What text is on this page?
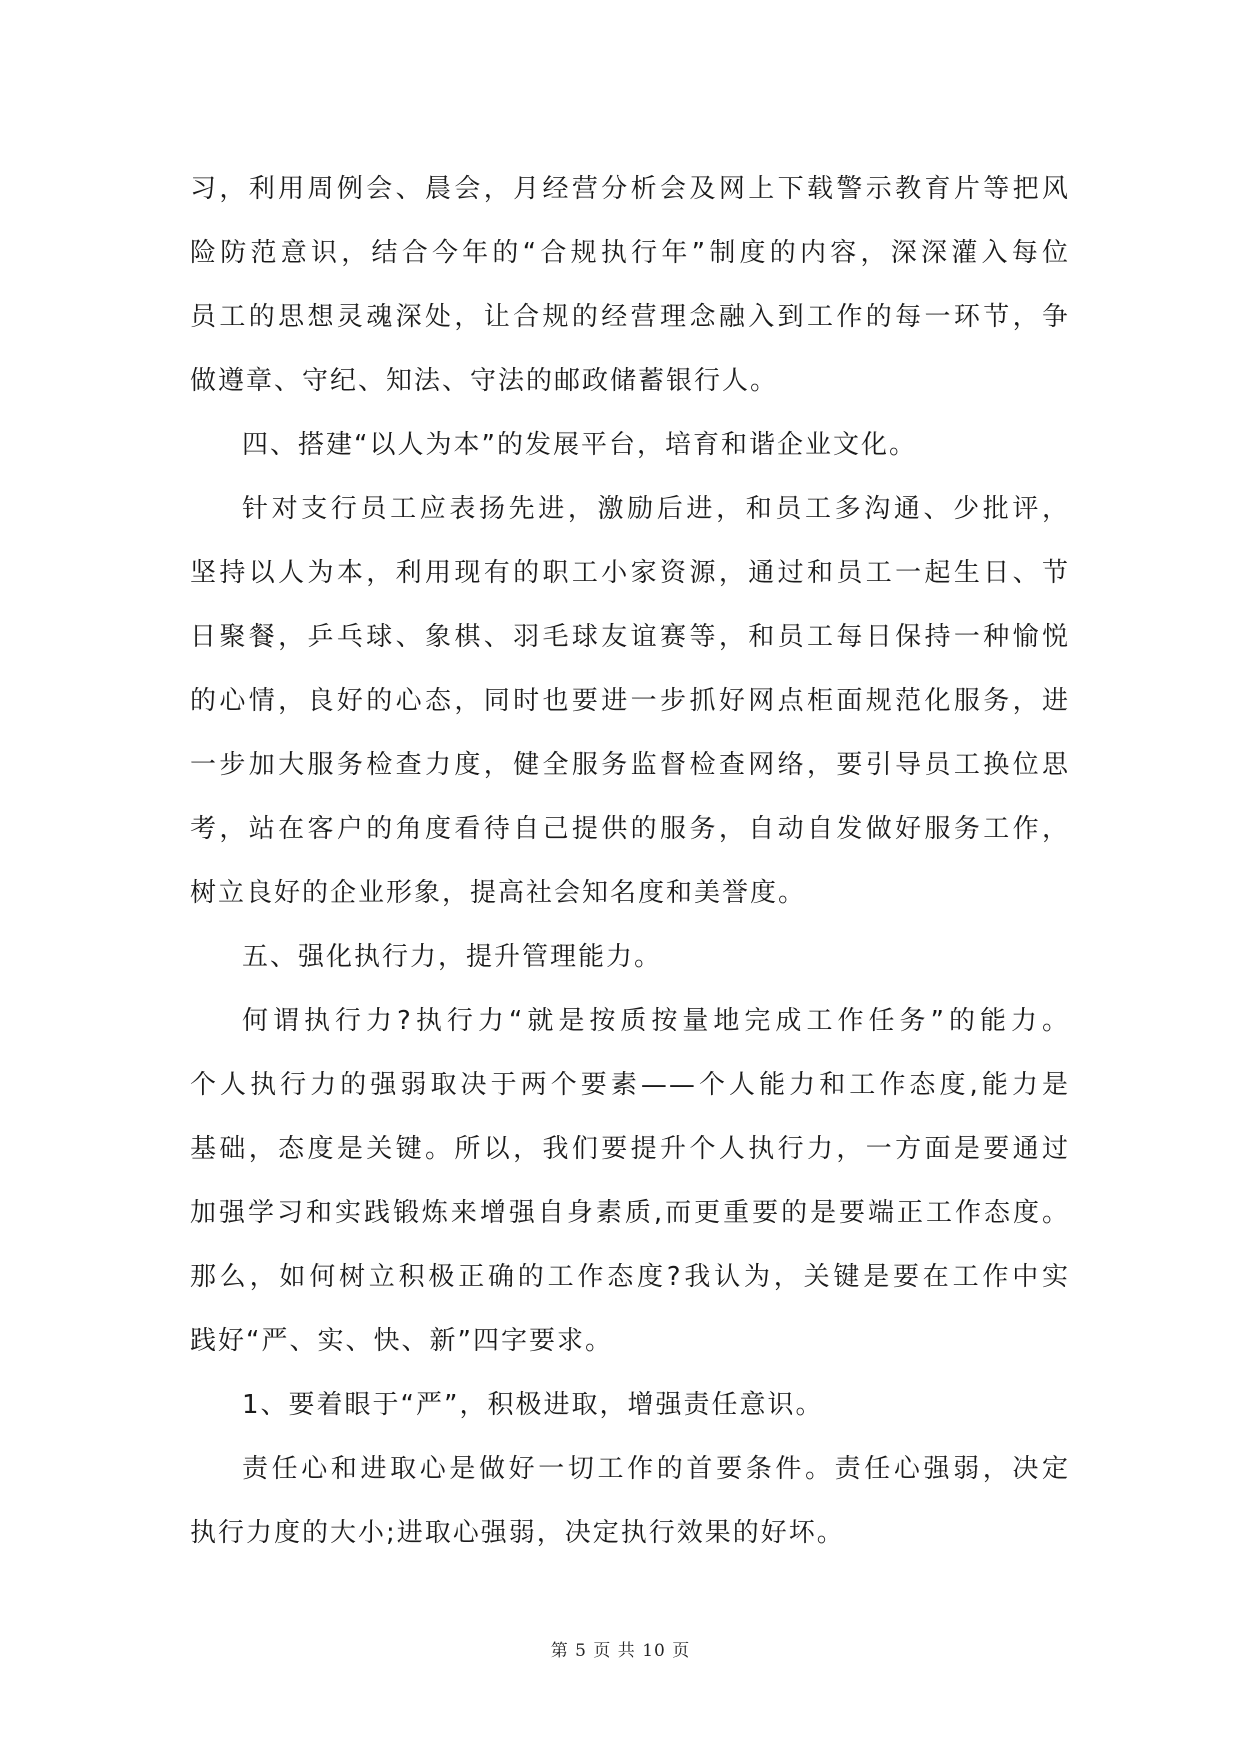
习，利用周例会、晨会，月经营分析会及网上下载警示教育片等把风
险防范意识，结合今年的“合规执行年”制度的内容，深深灌入每位
员工的思想灵魂深处，让合规的经营理念融入到工作的每一环节，争
做遵章、守纪、知法、守法的邮政储蓄银行人。
四、搭建“以人为本”的发展平台，培育和谐企业文化。
针对支行员工应表扬先进，激励后进，和员工多沟通、少批评，
坚持以人为本，利用现有的职工小家资源，通过和员工一起生日、节
日聚餐，乒乓球、象棋、羽毛球友谊赛等，和员工每日保持一种愉悦
的心情，良好的心态，同时也要进一步抓好网点柜面规范化服务，进
一步加大服务检查力度，健全服务监督检查网络，要引导员工换位思
考，站在客户的角度看待自己提供的服务，自动自发做好服务工作，
树立良好的企业形象，提高社会知名度和美誉度。
五、强化执行力，提升管理能力。
何谓执行力?执行力“就是按质按量地完成工作任务”的能力。
个人执行力的强弱取决于两个要素——个人能力和工作态度,能力是
基础，态度是关键。所以，我们要提升个人执行力，一方面是要通过
加强学习和实践锻炼来增强自身素质,而更重要的是要端正工作态度。
那么，如何树立积极正确的工作态度?我认为，关键是要在工作中实
践好“严、实、快、新”四字要求。
1、要着眼于“严”，积极进取，增强责任意识。
责任心和进取心是做好一切工作的首要条件。责任心强弱，决定
执行力度的大小;进取心强弱，决定执行效果的好坏。
第 5 页 共 10 页
